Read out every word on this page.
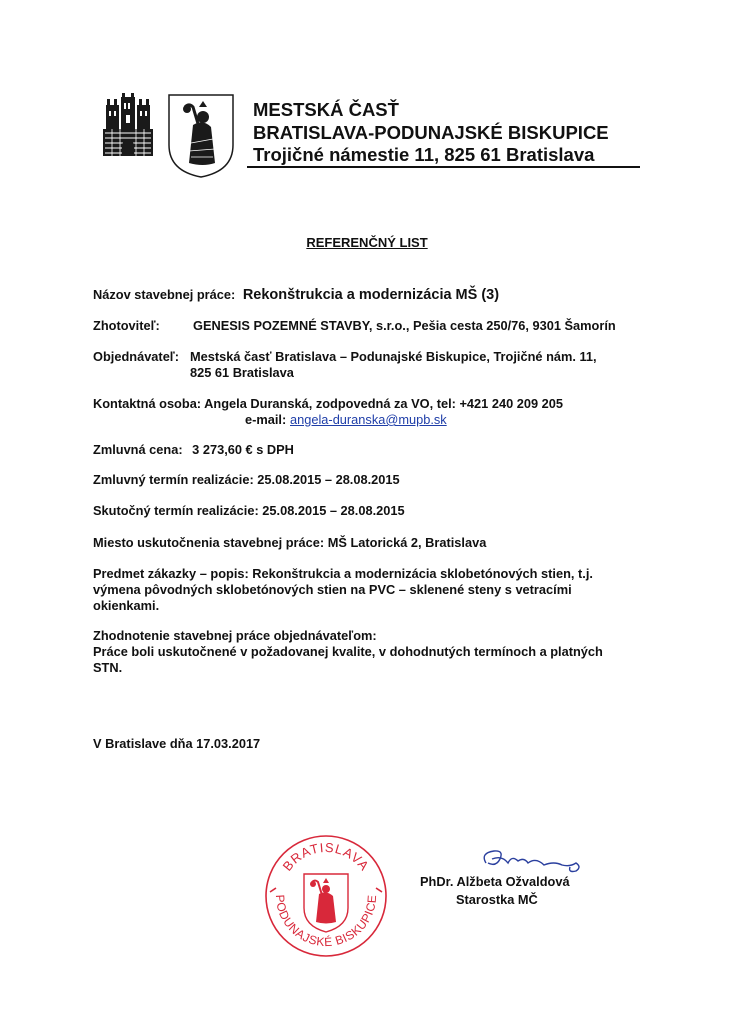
MESTSKÁ ČASŤ
BRATISLAVA-PODUNAJSKÉ BISKUPICE
Trojičné námestie 11, 825 61 Bratislava
REFERENČNÝ LIST
Názov stavebnej práce: Rekonštrukcia a modernizácia MŠ (3)
Zhotoviteľ:	GENESIS POZEMNÉ STAVBY, s.r.o., Pešia cesta 250/76, 9301 Šamorín
Objednávateľ: Mestská časť Bratislava – Podunajské Biskupice, Trojičné nám. 11,
825 61 Bratislava
Kontaktná osoba: Angela Duranská, zodpovedná za VO, tel: +421 240 209 205
e-mail: angela-duranska@mupb.sk
Zmluvná cena: 3 273,60 € s DPH
Zmluvný termín realizácie: 25.08.2015 – 28.08.2015
Skutočný termín realizácie: 25.08.2015 – 28.08.2015
Miesto uskutočnenia stavebnej práce: MŠ Latorická 2, Bratislava
Predmet zákazky – popis: Rekonštrukcia a modernizácia sklobetónových stien, t.j.
výmena pôvodných sklobetónových stien na PVC – sklenené steny s vetracími
okienkami.
Zhodnotenie stavebnej práce objednávateľom:
Práce boli uskutočnené v požadovanej kvalite, v dohodnutých termínoch a platných
STN.
V Bratislave dňa 17.03.2017
BRATISLAVA
PODUNAJSKÉ BISKUPICE
PhDr. Alžbeta Ožvaldová
Starostka MČ
